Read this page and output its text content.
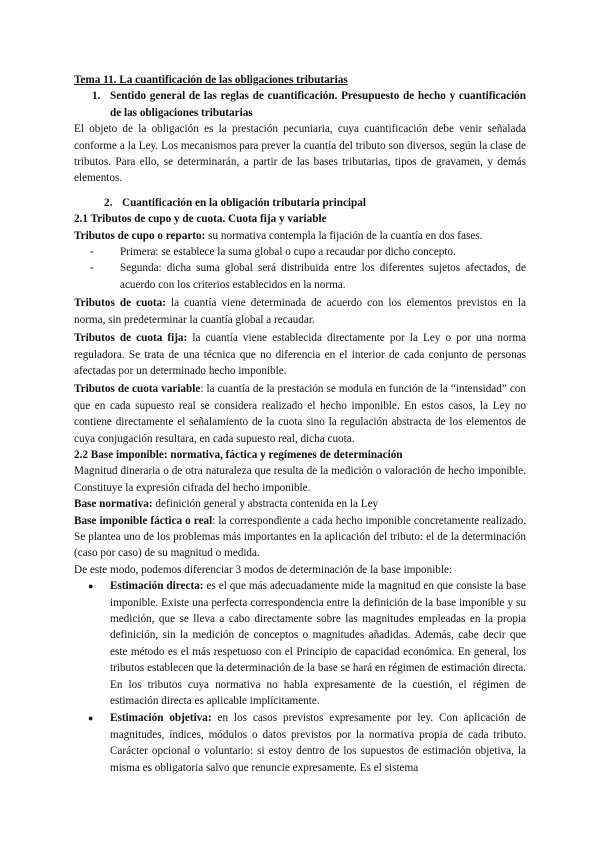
Tema 11. La cuantificación de las obligaciones tributarias

1. Sentido general de las reglas de cuantificación. Presupuesto de hecho y cuantificación de las obligaciones tributarias

El objeto de la obligación es la prestación pecuniaria, cuya cuantificación debe venir señalada conforme a la Ley. Los mecanismos para prever la cuantía del tributo son diversos, según la clase de tributos. Para ello, se determinarán, a partir de las bases tributarias, tipos de gravamen, y demás elementos.

2. Cuantificación en la obligación tributaria principal

2.1 Tributos de cupo y de cuota. Cuota fija y variable

Tributos de cupo o reparto: su normativa contempla la fijación de la cuantía en dos fases.

-	Primera: se establece la suma global o cupo a recaudar por dicho concepto.
-	Segunda: dicha suma global será distribuida entre los diferentes sujetos afectados, de acuerdo con los criterios establecidos en la norma.

Tributos de cuota: la cuantía viene determinada de acuerdo con los elementos previstos en la norma, sin predeterminar la cuantía global a recaudar.

Tributos de cuota fija: la cuantía viene establecida directamente por la Ley o por una norma reguladora. Se trata de una técnica que no diferencia en el interior de cada conjunto de personas afectadas por un determinado hecho imponible.

Tributos de cuota variable: la cuantía de la prestación se modula en función de la “intensidad” con que en cada supuesto real se considera realizado el hecho imponible. En estos casos, la Ley no contiene directamente el señalamiento de la cuota sino la regulación abstracta de los elementos de cuya conjugación resultara, en cada supuesto real, dicha cuota.

2.2 Base imponible: normativa, fáctica y regímenes de determinación

Magnitud dineraria o de otra naturaleza que resulta de la medición o valoración de hecho imponible. Constituye la expresión cifrada del hecho imponible.

Base normativa: definición general y abstracta contenida en la Ley

Base imponible fáctica o real: la correspondiente a cada hecho imponible concretamente realizado. Se plantea uno de los problemas más importantes en la aplicación del tributo: el de la determinación (caso por caso) de su magnitud o medida.

De este modo, podemos diferenciar 3 modos de determinación de la base imponible:

●	Estimación directa: es el que más adecuadamente mide la magnitud en que consiste la base imponible. Existe una perfecta correspondencia entre la definición de la base imponible y su medición, que se lleva a cabo directamente sobre las magnitudes empleadas en la propia definición, sin la medición de conceptos o magnitudes añadidas. Además, cabe decir que este método es el más respetuoso con el Principio de capacidad económica. En general, los tributos establecen que la determinación de la base se hará en régimen de estimación directa. En los tributos cuya normativa no habla expresamente de la cuestión, el régimen de estimación directa es aplicable implícitamente.
●	Estimación objetiva: en los casos previstos expresamente por ley. Con aplicación de magnitudes, índices, módulos o datos previstos por la normativa propia de cada tributo. Carácter opcional o voluntario: si estoy dentro de los supuestos de estimación objetiva, la misma es obligatoria salvo que renuncie expresamente. Es el sistema
